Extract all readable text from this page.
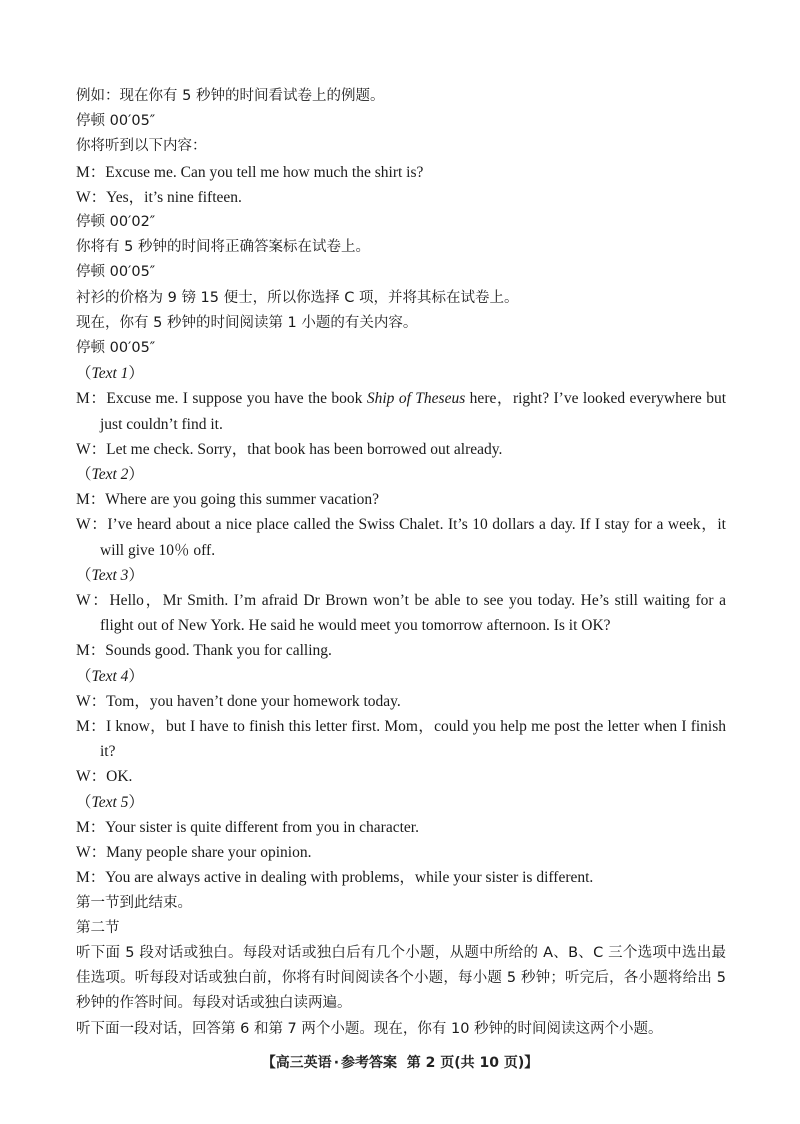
例如：现在你有 5 秒钟的时间看试卷上的例题。
停顿 00′05″
你将听到以下内容：
M：Excuse me. Can you tell me how much the shirt is?
W：Yes，it’s nine fifteen.
停顿 00′02″
你将有 5 秒钟的时间将正确答案标在试卷上。
停顿 00′05″
衬衫的价格为 9 镑 15 便士，所以你选择 C 项，并将其标在试卷上。
现在，你有 5 秒钟的时间阅读第 1 小题的有关内容。
停顿 00′05″
（Text 1）
M：Excuse me. I suppose you have the book Ship of Theseus here，right? I’ve looked everywhere but just couldn’t find it.
W：Let me check. Sorry，that book has been borrowed out already.
（Text 2）
M：Where are you going this summer vacation?
W：I’ve heard about a nice place called the Swiss Chalet. It’s 10 dollars a day. If I stay for a week，it will give 10％ off.
（Text 3）
W：Hello，Mr Smith. I’m afraid Dr Brown won’t be able to see you today. He’s still waiting for a flight out of New York. He said he would meet you tomorrow afternoon. Is it OK?
M：Sounds good. Thank you for calling.
（Text 4）
W：Tom，you haven’t done your homework today.
M：I know，but I have to finish this letter first. Mom，could you help me post the letter when I finish it?
W：OK.
（Text 5）
M：Your sister is quite different from you in character.
W：Many people share your opinion.
M：You are always active in dealing with problems，while your sister is different.
第一节到此结束。
第二节
听下面 5 段对话或独白。每段对话或独白后有几个小题，从题中所给的 A、B、C 三个选项中选出最佳选项。听每段对话或独白前，你将有时间阅读各个小题，每小题 5 秒钟；听完后，各小题将给出 5 秒钟的作答时间。每段对话或独白读两遍。
听下面一段对话，回答第 6 和第 7 两个小题。现在，你有 10 秒钟的时间阅读这两个小题。
【高三英语 · 参考答案 第 2 页(共 10 页)】
